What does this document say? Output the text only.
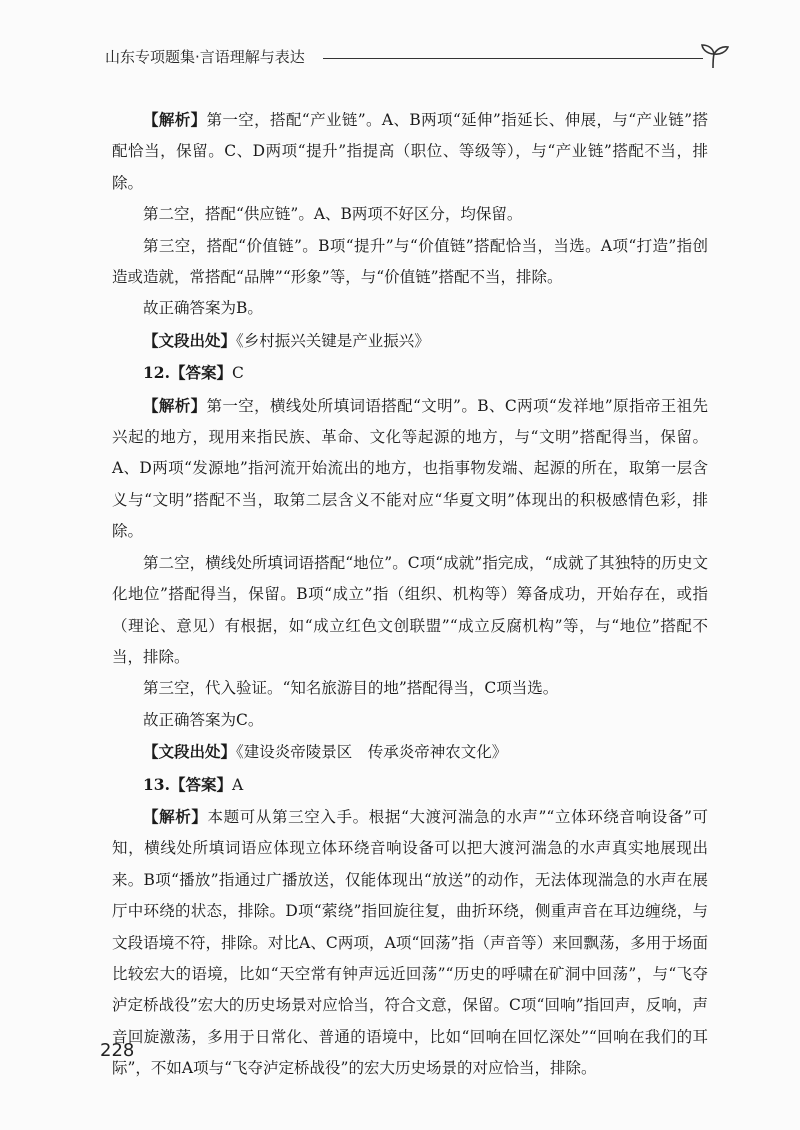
山东专项题集·言语理解与表达

【解析】第一空，搭配“产业链”。A、B两项“延伸”指延长、伸展，与“产业链”搭配恰当，保留。C、D两项“提升”指提高（职位、等级等），与“产业链”搭配不当，排除。

第二空，搭配“供应链”。A、B两项不好区分，均保留。

第三空，搭配“价值链”。B项“提升”与“价值链”搭配恰当，当选。A项“打造”指创造或造就，常搭配“品牌”“形象”等，与“价值链”搭配不当，排除。

故正确答案为B。

【文段出处】《乡村振兴关键是产业振兴》

12.【答案】C

【解析】第一空，横线处所填词语搭配“文明”。B、C两项“发祥地”原指帝王祖先兴起的地方，现用来指民族、革命、文化等起源的地方，与“文明”搭配得当，保留。A、D两项“发源地”指河流开始流出的地方，也指事物发端、起源的所在，取第一层含义与“文明”搭配不当，取第二层含义不能对应“华夏文明”体现出的积极感情色彩，排除。

第二空，横线处所填词语搭配“地位”。C项“成就”指完成，“成就了其独特的历史文化地位”搭配得当，保留。B项“成立”指（组织、机构等）筹备成功，开始存在，或指（理论、意见）有根据，如“成立红色文创联盟”“成立反腐机构”等，与“地位”搭配不当，排除。

第三空，代入验证。“知名旅游目的地”搭配得当，C项当选。

故正确答案为C。

【文段出处】《建设炎帝陵景区　传承炎帝神农文化》

13.【答案】A

【解析】本题可从第三空入手。根据“大渡河湍急的水声”“立体环绕音响设备”可知，横线处所填词语应体现立体环绕音响设备可以把大渡河湍急的水声真实地展现出来。B项“播放”指通过广播放送，仅能体现出“放送”的动作，无法体现湍急的水声在展厅中环绕的状态，排除。D项“萦绕”指回旋往复，曲折环绕，侧重声音在耳边缠绕，与文段语境不符，排除。对比A、C两项，A项“回荡”指（声音等）来回飘荡，多用于场面比较宏大的语境，比如“天空常有钟声远近回荡”“历史的呼啸在矿洞中回荡”，与“飞夺泸定桥战役”宏大的历史场景对应恰当，符合文意，保留。C项“回响”指回声，反响，声音回旋激荡，多用于日常化、普通的语境中，比如“回响在回忆深处”“回响在我们的耳际”，不如A项与“飞夺泸定桥战役”的宏大历史场景的对应恰当，排除。

228
